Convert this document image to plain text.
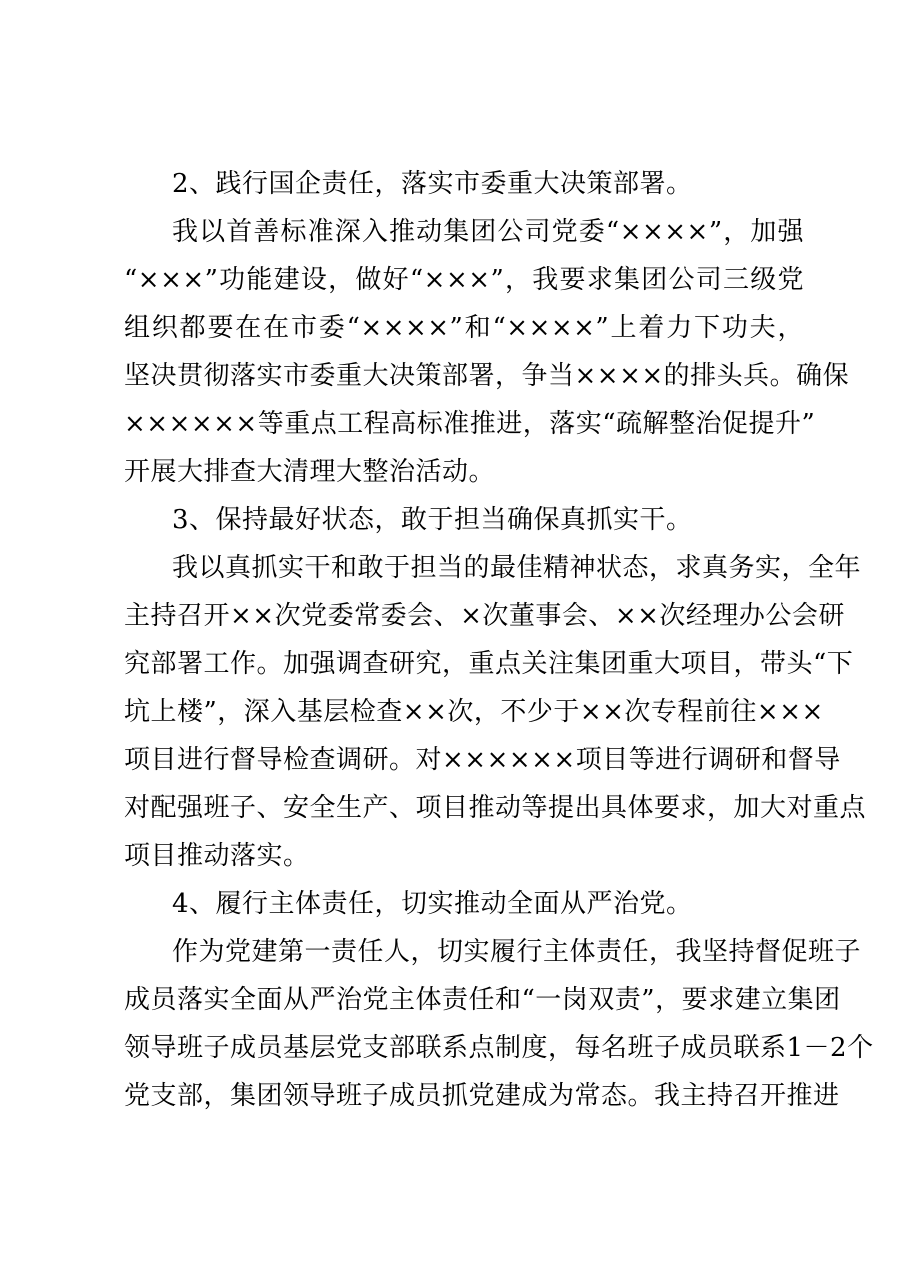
2、践行国企责任，落实市委重大决策部署。
我以首善标准深入推动集团公司党委“××××”，加强
“×××”功能建设，做好“×××”，我要求集团公司三级党
组织都要在在市委“××××”和“××××”上着力下功夫，
坚决贯彻落实市委重大决策部署，争当××××的排头兵。确保
××××××等重点工程高标准推进，落实“疏解整治促提升”
开展大排查大清理大整治活动。
3、保持最好状态，敢于担当确保真抓实干。
我以真抓实干和敢于担当的最佳精神状态，求真务实，全年
主持召开××次党委常委会、×次董事会、××次经理办公会研
究部署工作。加强调查研究，重点关注集团重大项目，带头“下
坑上楼”，深入基层检查××次，不少于××次专程前往×××
项目进行督导检查调研。对××××××项目等进行调研和督导
对配强班子、安全生产、项目推动等提出具体要求，加大对重点
项目推动落实。
4、履行主体责任，切实推动全面从严治党。
作为党建第一责任人，切实履行主体责任，我坚持督促班子
成员落实全面从严治党主体责任和“一岗双责”，要求建立集团
领导班子成员基层党支部联系点制度，每名班子成员联系1－2个
党支部，集团领导班子成员抓党建成为常态。我主持召开推进
